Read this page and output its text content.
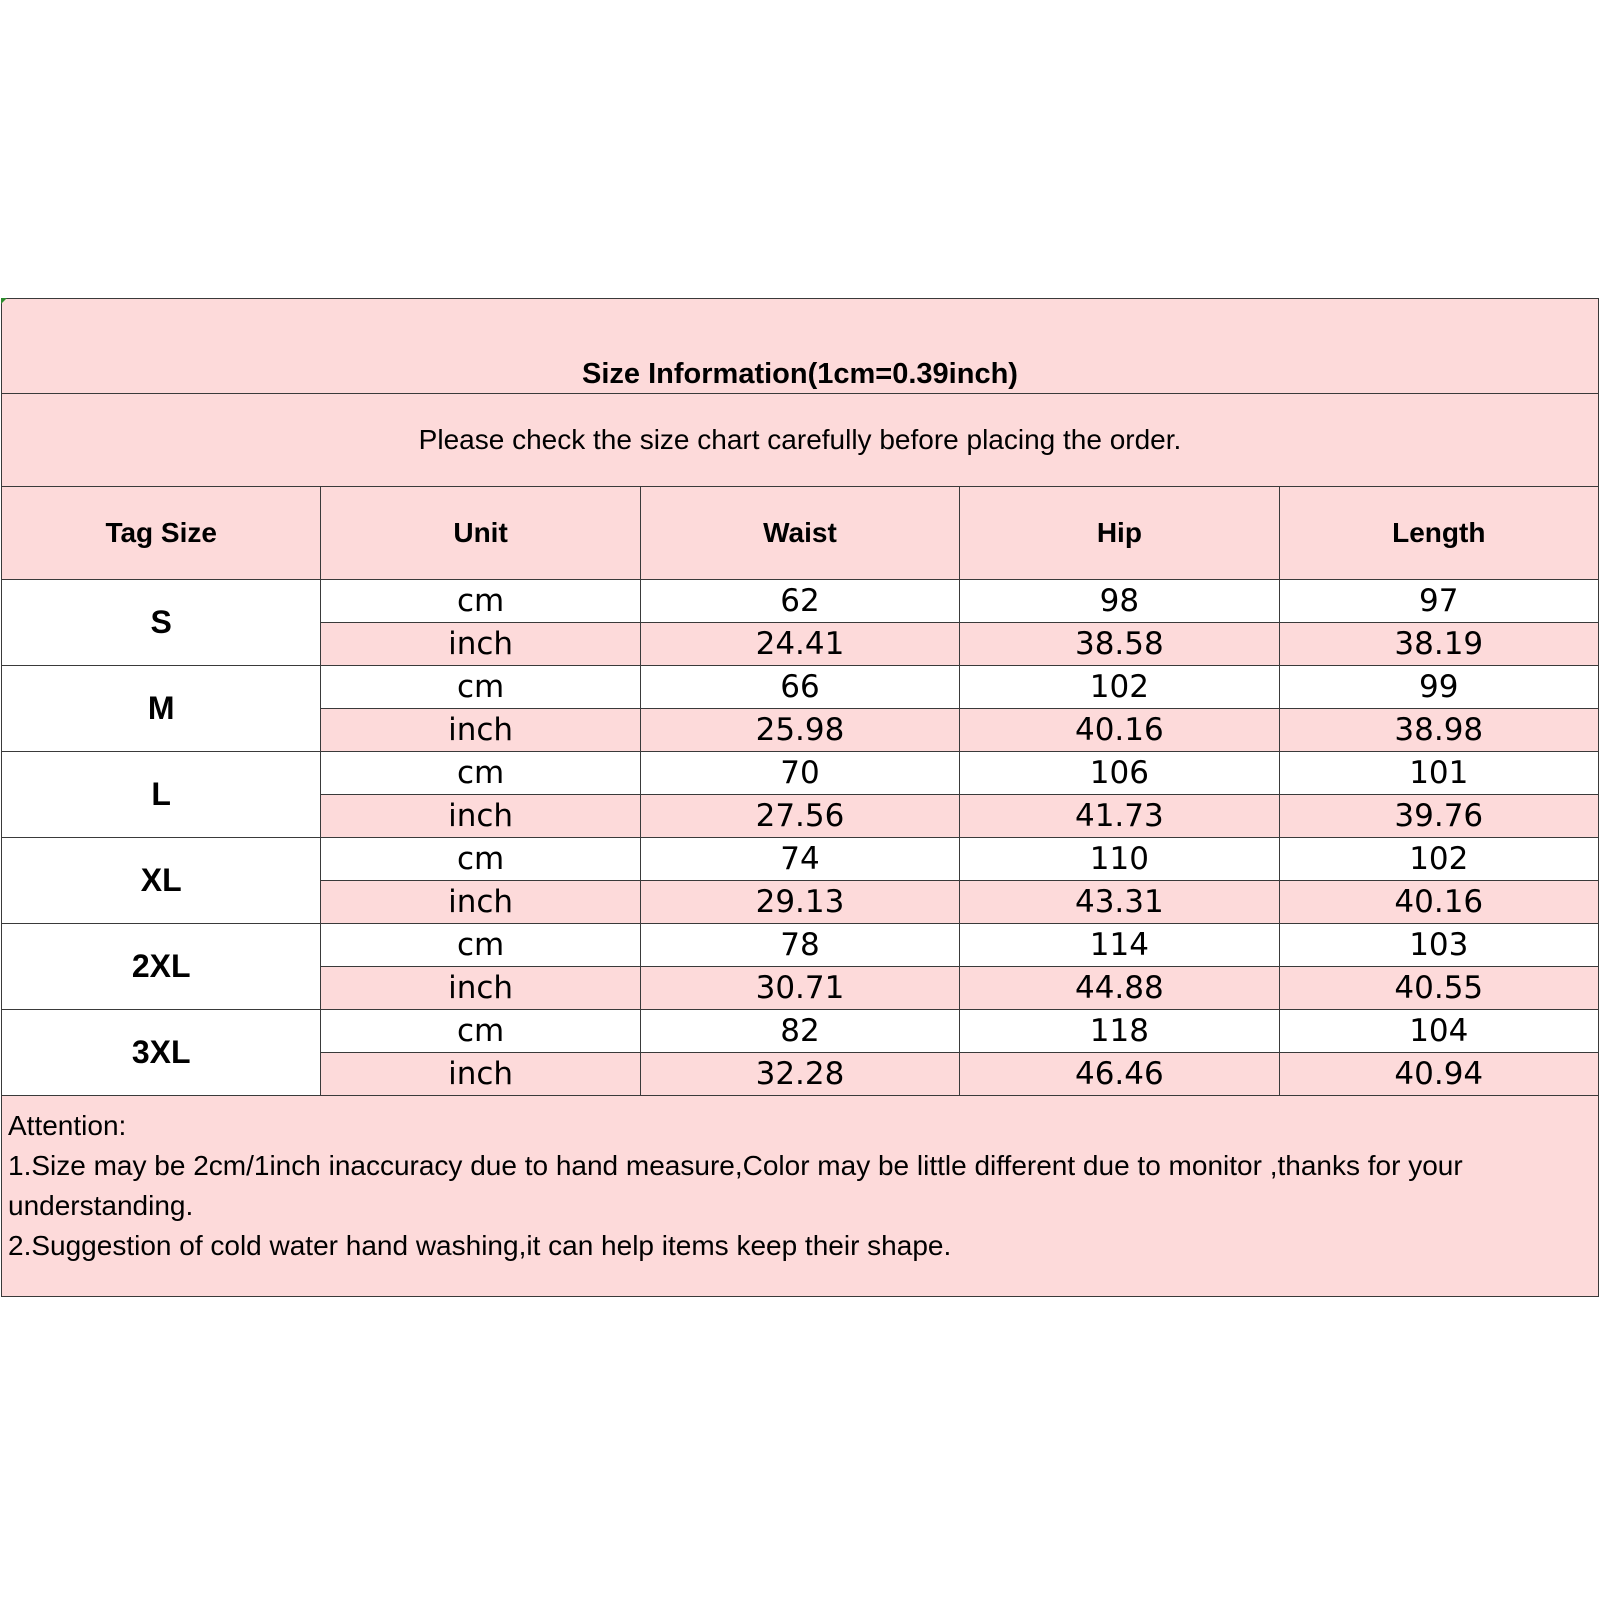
Size Information(1cm=0.39inch)				
Please check the size chart carefully before placing the order.				
Tag Size	Unit	Waist	Hip	Length
S	cm	62	98	97
	inch	24.41	38.58	38.19
M	cm	66	102	99
	inch	25.98	40.16	38.98
L	cm	70	106	101
	inch	27.56	41.73	39.76
XL	cm	74	110	102
	inch	29.13	43.31	40.16
2XL	cm	78	114	103
	inch	30.71	44.88	40.55
3XL	cm	82	118	104
	inch	32.28	46.46	40.94

Attention:
1.Size may be 2cm/1inch inaccuracy due to hand measure,Color may be little different due to monitor ,thanks for your understanding.
2.Suggestion of cold water hand washing,it can help items keep their shape.				
